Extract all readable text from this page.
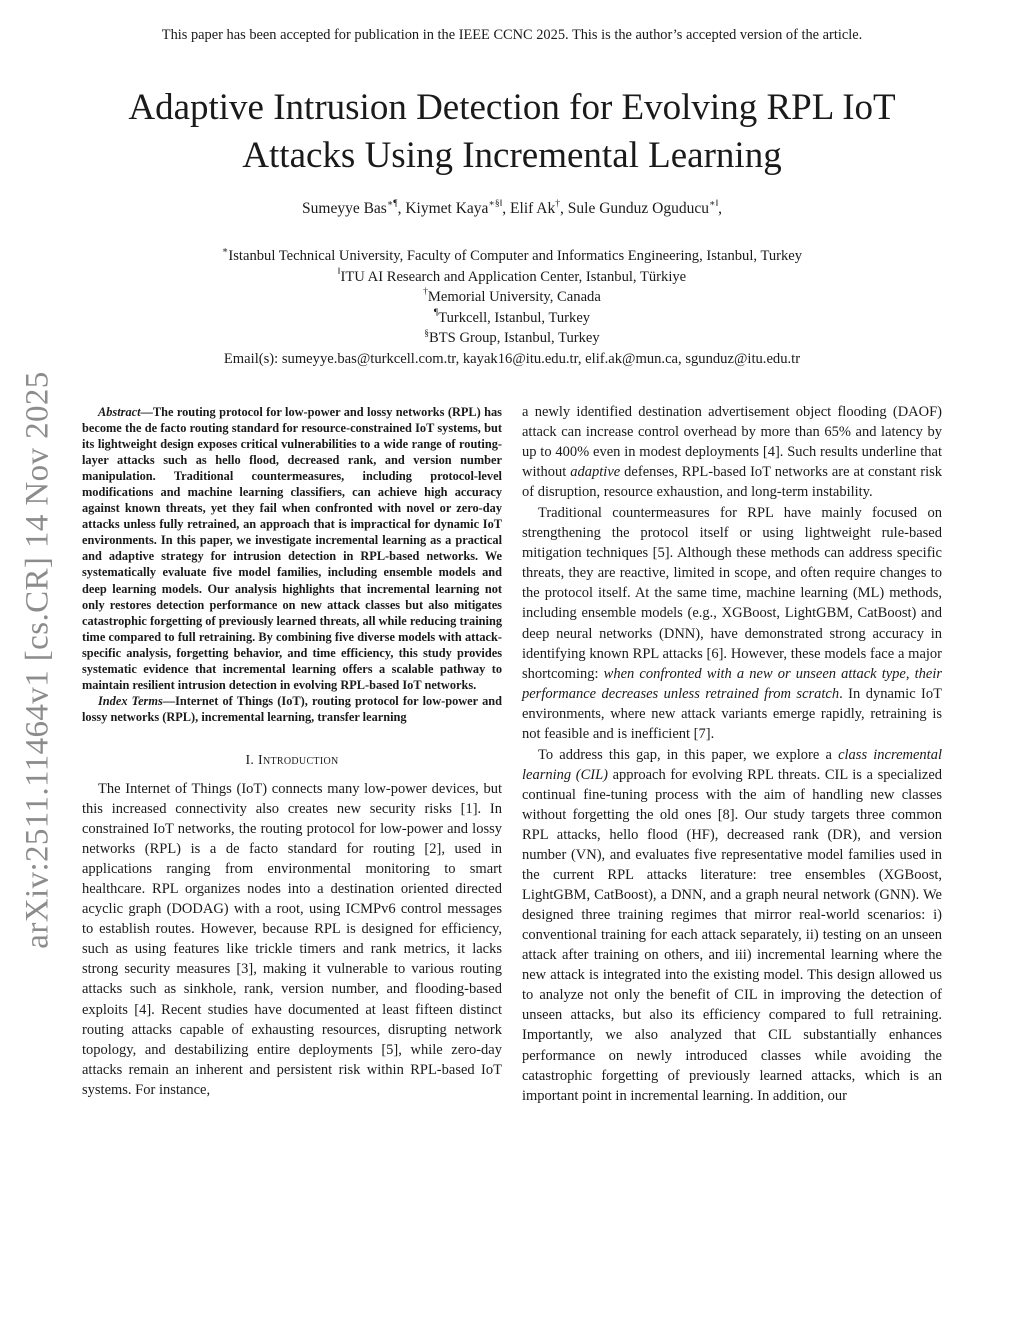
This paper has been accepted for publication in the IEEE CCNC 2025. This is the author’s accepted version of the article.
arXiv:2511.11464v1 [cs.CR] 14 Nov 2025
Adaptive Intrusion Detection for Evolving RPL IoT
Attacks Using Incremental Learning
Sumeyye Bas∗¶, Kiymet Kaya∗§‖, Elif Ak†, Sule Gunduz Oguducu∗‖,
∗Istanbul Technical University, Faculty of Computer and Informatics Engineering, Istanbul, Turkey
‖ITU AI Research and Application Center, Istanbul, Türkiye
†Memorial University, Canada
¶Turkcell, Istanbul, Turkey
§BTS Group, Istanbul, Turkey
Email(s): sumeyye.bas@turkcell.com.tr, kayak16@itu.edu.tr, elif.ak@mun.ca, sgunduz@itu.edu.tr

Abstract—The routing protocol for low-power and lossy networks (RPL) has become the de facto routing standard for resource-constrained IoT systems, but its lightweight design exposes critical vulnerabilities to a wide range of routing-layer attacks such as hello flood, decreased rank, and version number manipulation. Traditional countermeasures, including protocol-level modifications and machine learning classifiers, can achieve high accuracy against known threats, yet they fail when confronted with novel or zero-day attacks unless fully retrained, an approach that is impractical for dynamic IoT environments. In this paper, we investigate incremental learning as a practical and adaptive strategy for intrusion detection in RPL-based networks. We systematically evaluate five model families, including ensemble models and deep learning models. Our analysis highlights that incremental learning not only restores detection performance on new attack classes but also mitigates catastrophic forgetting of previously learned threats, all while reducing training time compared to full retraining. By combining five diverse models with attack-specific analysis, forgetting behavior, and time efficiency, this study provides systematic evidence that incremental learning offers a scalable pathway to maintain resilient intrusion detection in evolving RPL-based IoT networks.

Index Terms—Internet of Things (IoT), routing protocol for low-power and lossy networks (RPL), incremental learning, transfer learning

I. Introduction

The Internet of Things (IoT) connects many low-power devices, but this increased connectivity also creates new security risks [1]. In constrained IoT networks, the routing protocol for low-power and lossy networks (RPL) is a de facto standard for routing [2], used in applications ranging from environmental monitoring to smart healthcare. RPL organizes nodes into a destination oriented directed acyclic graph (DODAG) with a root, using ICMPv6 control messages to establish routes. However, because RPL is designed for efficiency, such as using features like trickle timers and rank metrics, it lacks strong security measures [3], making it vulnerable to various routing attacks such as sinkhole, rank, version number, and flooding-based exploits [4]. Recent studies have documented at least fifteen distinct routing attacks capable of exhausting resources, disrupting network topology, and destabilizing entire deployments [5], while zero-day attacks remain an inherent and persistent risk within RPL-based IoT systems. For instance,

a newly identified destination advertisement object flooding (DAOF) attack can increase control overhead by more than 65% and latency by up to 400% even in modest deployments [4]. Such results underline that without adaptive defenses, RPL-based IoT networks are at constant risk of disruption, resource exhaustion, and long-term instability.

Traditional countermeasures for RPL have mainly focused on strengthening the protocol itself or using lightweight rule-based mitigation techniques [5]. Although these methods can address specific threats, they are reactive, limited in scope, and often require changes to the protocol itself. At the same time, machine learning (ML) methods, including ensemble models (e.g., XGBoost, LightGBM, CatBoost) and deep neural networks (DNN), have demonstrated strong accuracy in identifying known RPL attacks [6]. However, these models face a major shortcoming: when confronted with a new or unseen attack type, their performance decreases unless retrained from scratch. In dynamic IoT environments, where new attack variants emerge rapidly, retraining is not feasible and is inefficient [7].

To address this gap, in this paper, we explore a class incremental learning (CIL) approach for evolving RPL threats. CIL is a specialized continual fine-tuning process with the aim of handling new classes without forgetting the old ones [8]. Our study targets three common RPL attacks, hello flood (HF), decreased rank (DR), and version number (VN), and evaluates five representative model families used in the current RPL attacks literature: tree ensembles (XGBoost, LightGBM, CatBoost), a DNN, and a graph neural network (GNN). We designed three training regimes that mirror real-world scenarios: i) conventional training for each attack separately, ii) testing on an unseen attack after training on others, and iii) incremental learning where the new attack is integrated into the existing model. This design allowed us to analyze not only the benefit of CIL in improving the detection of unseen attacks, but also its efficiency compared to full retraining. Importantly, we also analyzed that CIL substantially enhances performance on newly introduced classes while avoiding the catastrophic forgetting of previously learned attacks, which is an important point in incremental learning. In addition, our
